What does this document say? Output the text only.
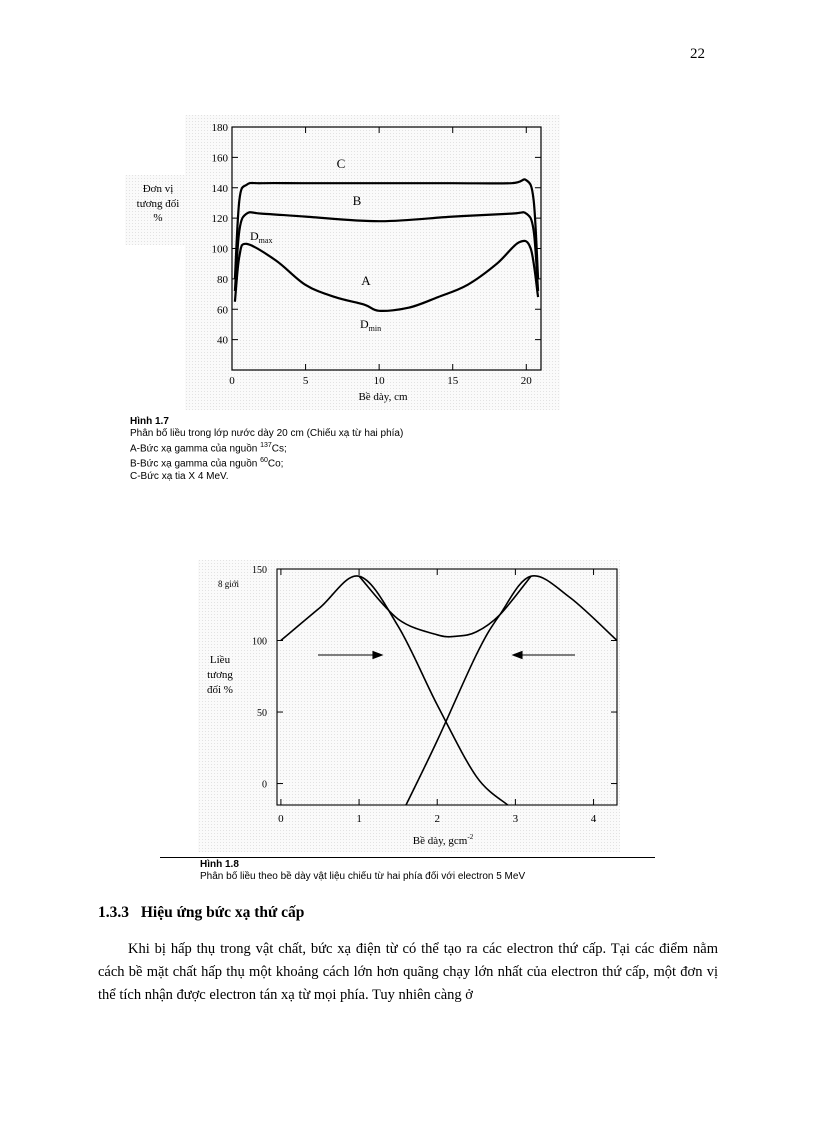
22
Đơn vị
tương đối
%
40
60
80
100
120
140
160
180
0	5	10	15	20
C
B
A
$D_{max}$
$D_{min}$
Bề dày, cm
Hình 1.7
Phân bố liều trong lớp nước dày 20 cm (Chiếu xạ từ hai phía)
A-Bức xạ gamma của nguồn $^{137}$Cs;
B-Bức xạ gamma của nguồn $^{60}$Co;
C-Bức xạ tia X 4 MeV.
0
50
100
150
0	1	2	3	4
8 giới
Liều
tương
đối %
Bề dày, gcm$^{-2}$
Hình 1.8
Phân bố liều theo bề dày vật liệu chiếu từ hai phía đối với electron 5 MeV
1.3.3 Hiệu ứng bức xạ thứ cấp
Khi bị hấp thụ trong vật chất, bức xạ điện từ có thể tạo ra các electron thứ cấp. Tại các điểm nằm cách bề mặt chất hấp thụ một khoảng cách lớn hơn quãng chạy lớn nhất của electron thứ cấp, một đơn vị thể tích nhận được electron tán xạ từ mọi phía. Tuy nhiên càng ở
